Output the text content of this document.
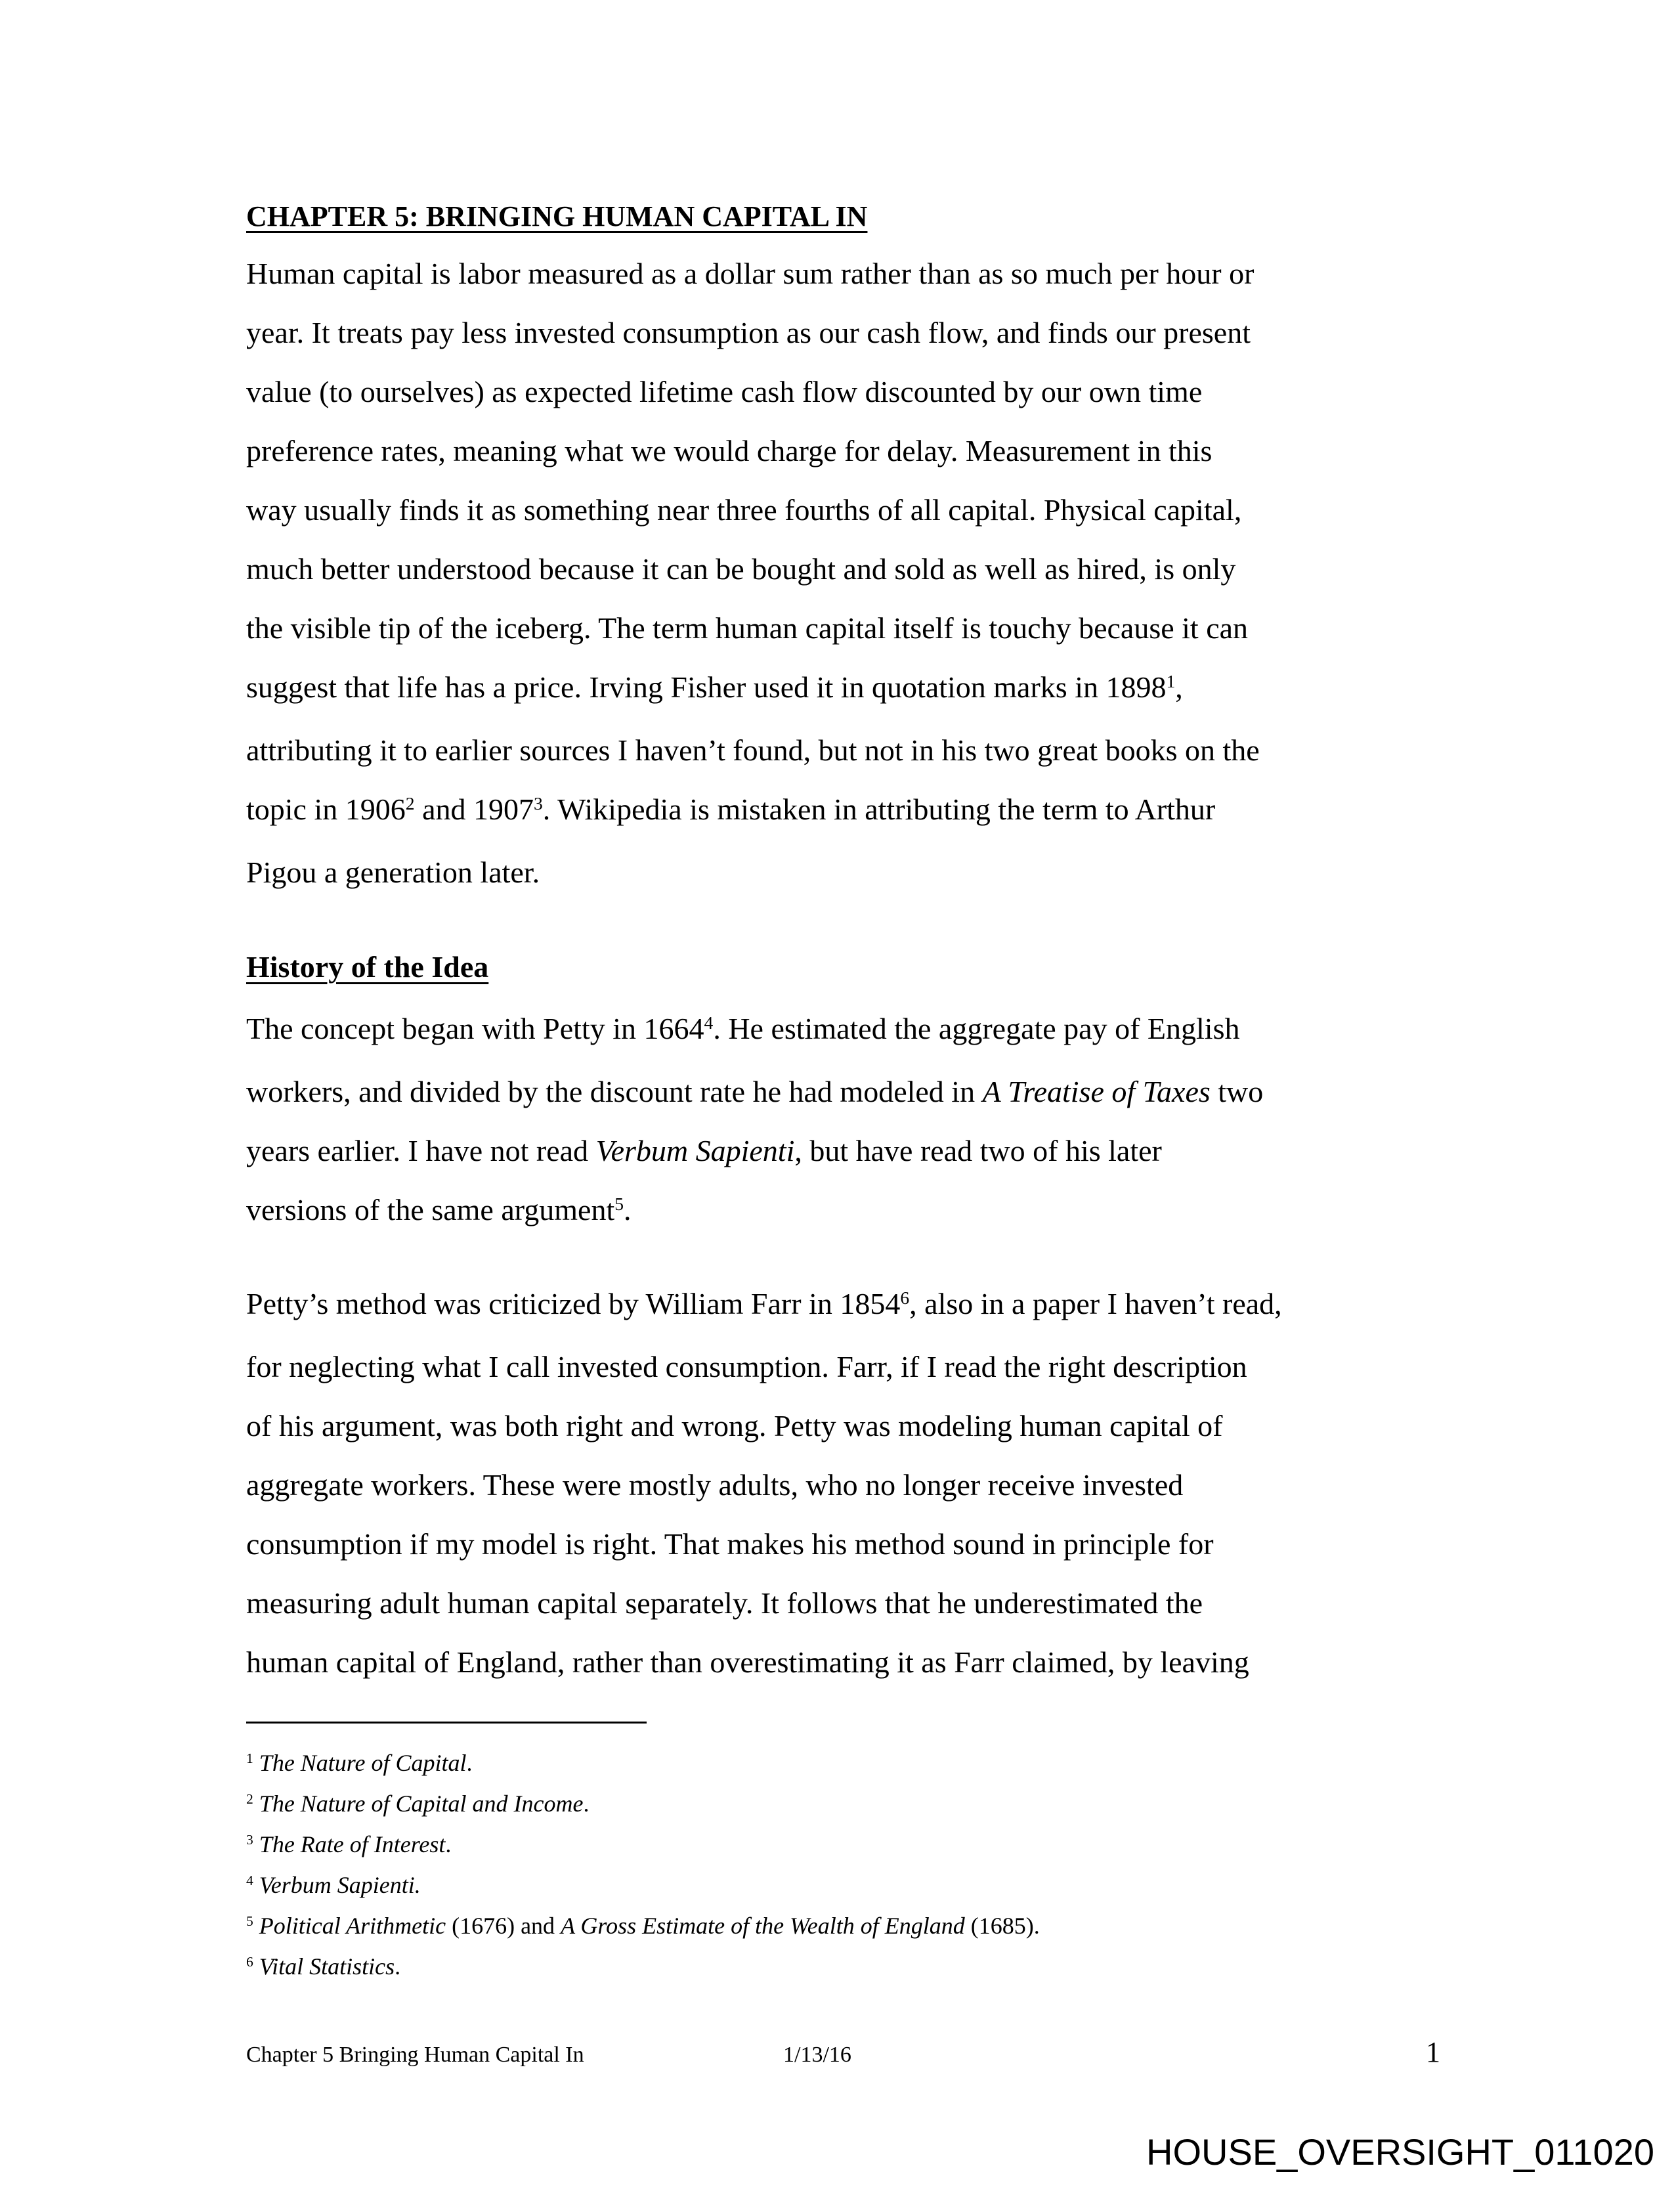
CHAPTER 5: BRINGING HUMAN CAPITAL IN
Human capital is labor measured as a dollar sum rather than as so much per hour or
year. It treats pay less invested consumption as our cash flow, and finds our present
value (to ourselves) as expected lifetime cash flow discounted by our own time
preference rates, meaning what we would charge for delay. Measurement in this
way usually finds it as something near three fourths of all capital. Physical capital,
much better understood because it can be bought and sold as well as hired, is only
the visible tip of the iceberg. The term human capital itself is touchy because it can
suggest that life has a price. Irving Fisher used it in quotation marks in 1898$^1$,
attributing it to earlier sources I haven’t found, but not in his two great books on the
topic in 1906$^2$ and 1907$^3$. Wikipedia is mistaken in attributing the term to Arthur
Pigou a generation later.
History of the Idea
The concept began with Petty in 1664$^4$. He estimated the aggregate pay of English
workers, and divided by the discount rate he had modeled in A Treatise of Taxes two
years earlier. I have not read Verbum Sapienti, but have read two of his later
versions of the same argument$^5$.
Petty’s method was criticized by William Farr in 1854$^6$, also in a paper I haven’t read,
for neglecting what I call invested consumption. Farr, if I read the right description
of his argument, was both right and wrong. Petty was modeling human capital of
aggregate workers. These were mostly adults, who no longer receive invested
consumption if my model is right. That makes his method sound in principle for
measuring adult human capital separately. It follows that he underestimated the
human capital of England, rather than overestimating it as Farr claimed, by leaving
$^1$ The Nature of Capital.
$^2$ The Nature of Capital and Income.
$^3$ The Rate of Interest.
$^4$ Verbum Sapienti.
$^5$ Political Arithmetic (1676) and A Gross Estimate of the Wealth of England (1685).
$^6$ Vital Statistics.
Chapter 5 Bringing Human Capital In	1/13/16	1
HOUSE_OVERSIGHT_011020
